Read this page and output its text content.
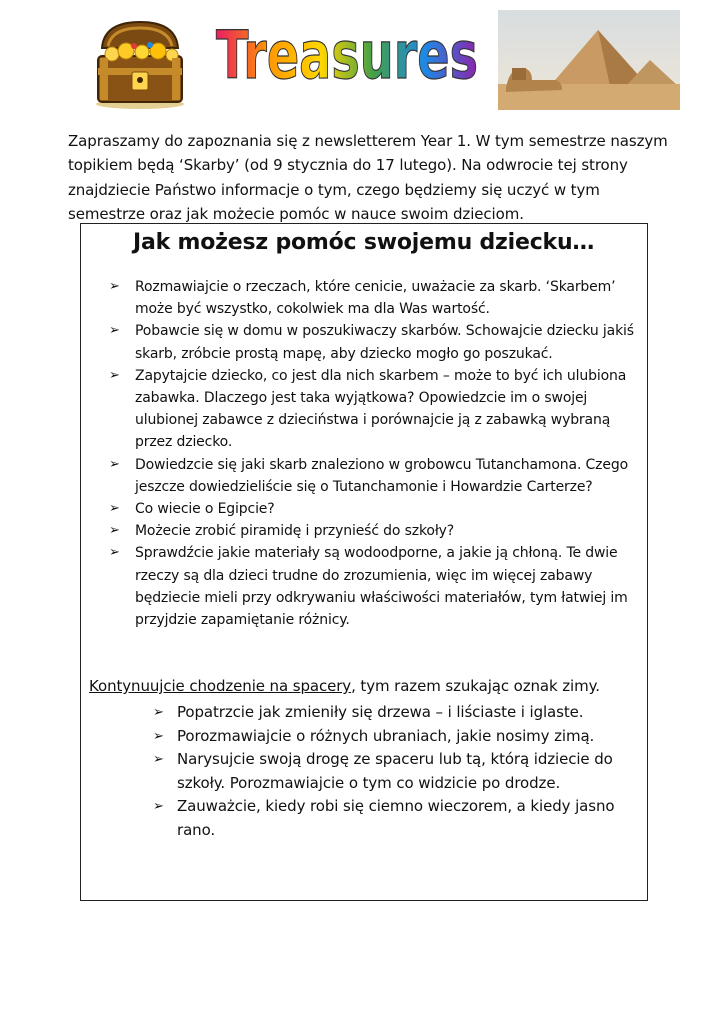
Treasures

Zapraszamy do zapoznania się z newsletterem Year 1. W tym semestrze naszym topikiem będą ‘Skarby’ (od 9 stycznia do 17 lutego). Na odwrocie tej strony znajdziecie Państwo informacje o tym, czego będziemy się uczyć w tym semestrze oraz jak możecie pomóc w nauce swoim dzieciom.

Jak możesz pomóc swojemu dziecku…
➢ Rozmawiajcie o rzeczach, które cenicie, uważacie za skarb. ‘Skarbem’ może być wszystko, cokolwiek ma dla Was wartość.
➢ Pobawcie się w domu w poszukiwaczy skarbów. Schowajcie dziecku jakiś skarb, zróbcie prostą mapę, aby dziecko mogło go poszukać.
➢ Zapytajcie dziecko, co jest dla nich skarbem – może to być ich ulubiona zabawka. Dlaczego jest taka wyjątkowa? Opowiedzcie im o swojej ulubionej zabawce z dzieciństwa i porównajcie ją z zabawką wybraną przez dziecko.
➢ Dowiedzcie się jaki skarb znaleziono w grobowcu Tutanchamona. Czego jeszcze dowiedzieliście się o Tutanchamonie i Howardzie Carterze?
➢ Co wiecie o Egipcie?
➢ Możecie zrobić piramidę i przynieść do szkoły?
➢ Sprawdźcie jakie materiały są wodoodporne, a jakie ją chłoną. Te dwie rzeczy są dla dzieci trudne do zrozumienia, więc im więcej zabawy będziecie mieli przy odkrywaniu właściwości materiałów, tym łatwiej im przyjdzie zapamiętanie różnicy.
Kontynuujcie chodzenie na spacery, tym razem szukając oznak zimy.
➢ Popatrzcie jak zmieniły się drzewa – i liściaste i iglaste.
➢ Porozmawiajcie o różnych ubraniach, jakie nosimy zimą.
➢ Narysujcie swoją drogę ze spaceru lub tą, którą idziecie do szkoły. Porozmawiajcie o tym co widzicie po drodze.
➢ Zauważcie, kiedy robi się ciemno wieczorem, a kiedy jasno rano.
